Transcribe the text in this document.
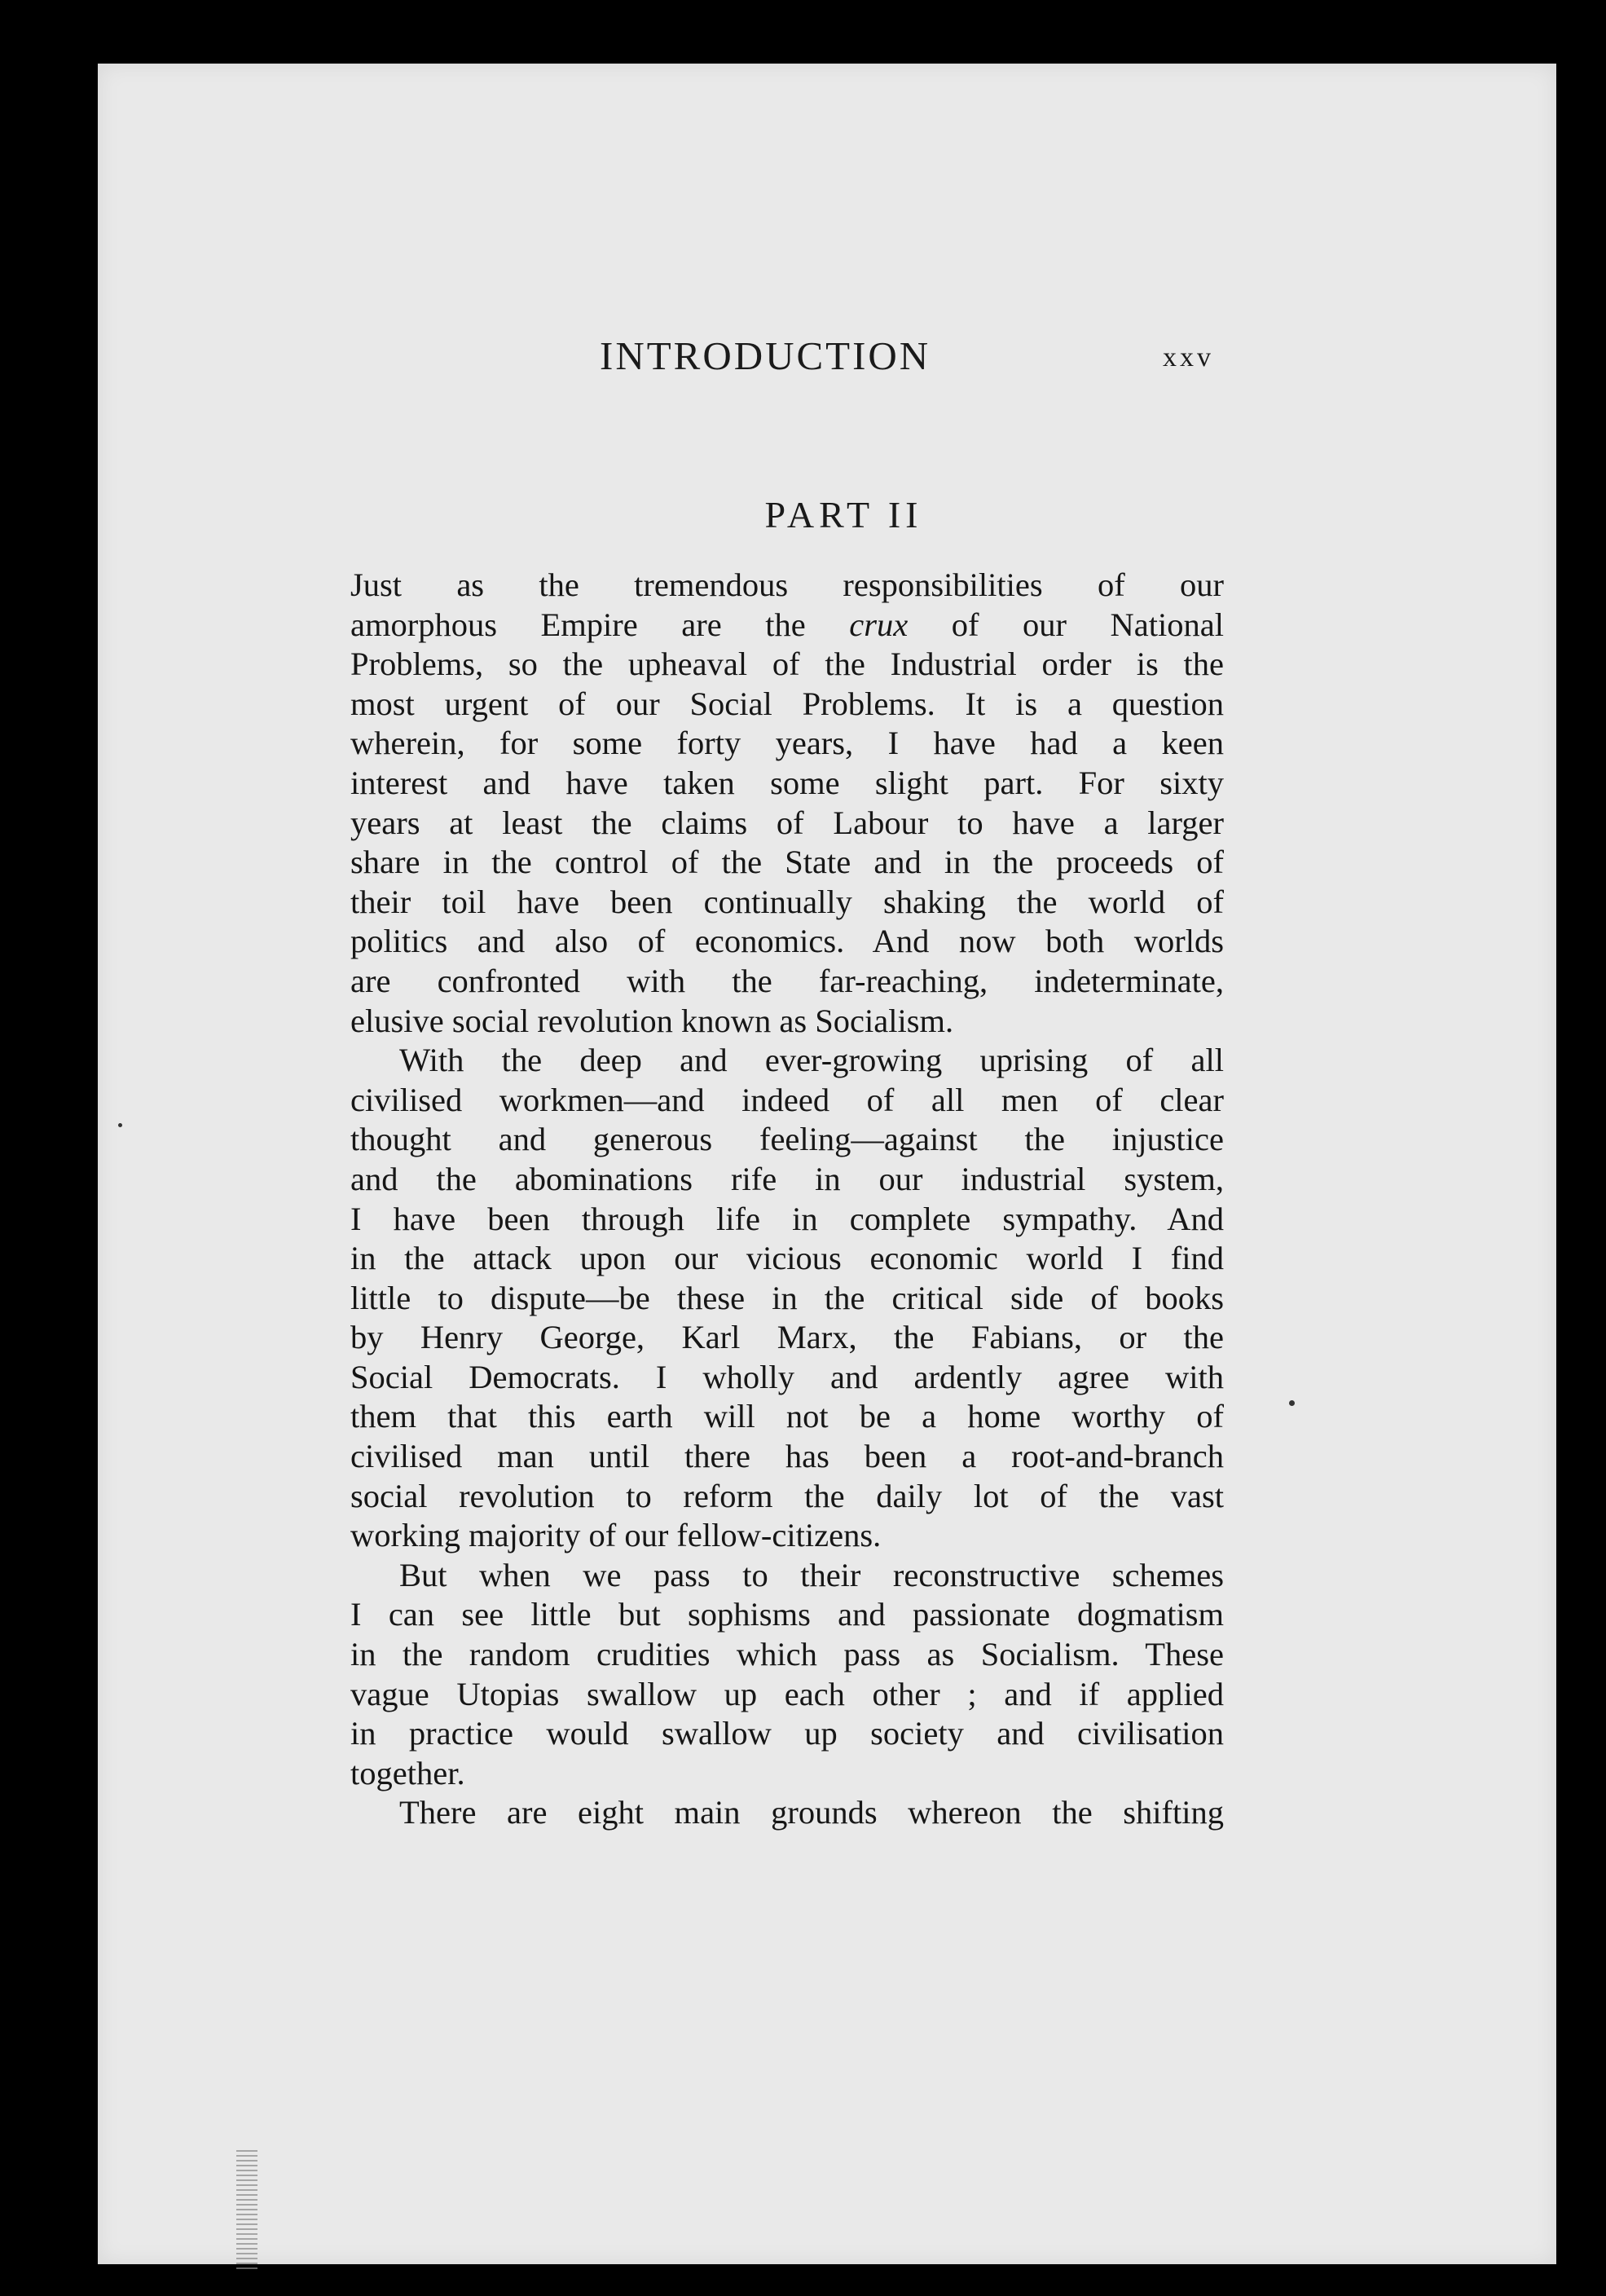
INTRODUCTION	xxv
PART II
Just as the tremendous responsibilities of our
amorphous Empire are the crux of our National
Problems, so the upheaval of the Industrial order is the
most urgent of our Social Problems. It is a question
wherein, for some forty years, I have had a keen
interest and have taken some slight part. For sixty
years at least the claims of Labour to have a larger
share in the control of the State and in the proceeds of
their toil have been continually shaking the world of
politics and also of economics. And now both worlds
are confronted with the far-reaching, indeterminate,
elusive social revolution known as Socialism.
With the deep and ever-growing uprising of all
civilised workmen—and indeed of all men of clear
thought and generous feeling—against the injustice
and the abominations rife in our industrial system,
I have been through life in complete sympathy. And
in the attack upon our vicious economic world I find
little to dispute—be these in the critical side of books
by Henry George, Karl Marx, the Fabians, or the
Social Democrats. I wholly and ardently agree with
them that this earth will not be a home worthy of
civilised man until there has been a root-and-branch
social revolution to reform the daily lot of the vast
working majority of our fellow-citizens.
But when we pass to their reconstructive schemes
I can see little but sophisms and passionate dogmatism
in the random crudities which pass as Socialism. These
vague Utopias swallow up each other ; and if applied
in practice would swallow up society and civilisation
together.
There are eight main grounds whereon the shifting
